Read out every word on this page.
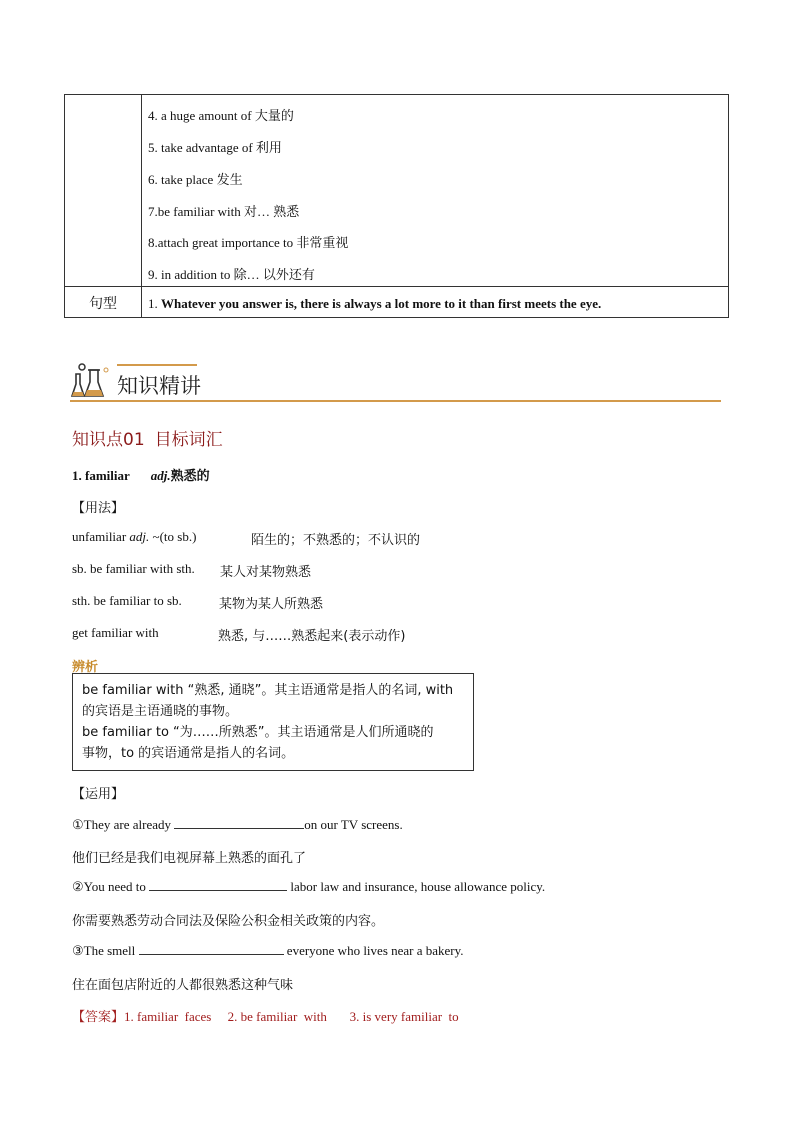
4. a huge amount of 大量的
5. take advantage of 利用
6. take place 发生
7.be familiar with 对… 熟悉
8.attach great importance to 非常重视
9. in addition to 除… 以外还有
句型	1. Whatever you answer is, there is always a lot more to it than first meets the eye.
知识精讲
知识点01 目标词汇
1. familiar adj.熟悉的
【用法】
unfamiliar adj. ~(to sb.)	陌生的；不熟悉的；不认识的
sb. be familiar with sth. 某人对某物熟悉
sth. be familiar to sb.	某物为某人所熟悉
get familiar with	熟悉, 与……熟悉起来(表示动作)
辨析
be familiar with “熟悉, 通晓”。其主语通常是指人的名词, with
的宾语是主语通晓的事物。
be familiar to “为……所熟悉”。其主语通常是人们所通晓的
事物，to 的宾语通常是指人的名词。
【运用】
①They are already	on our TV screens.
他们已经是我们电视屏幕上熟悉的面孔了
②You need to	labor law and insurance, house allowance policy.
你需要熟悉劳动合同法及保险公积金相关政策的内容。
③The smell	everyone who lives near a bakery.
住在面包店附近的人都很熟悉这种气味
【答案】1. familiar  faces     2. be familiar  with       3. is very familiar  to
